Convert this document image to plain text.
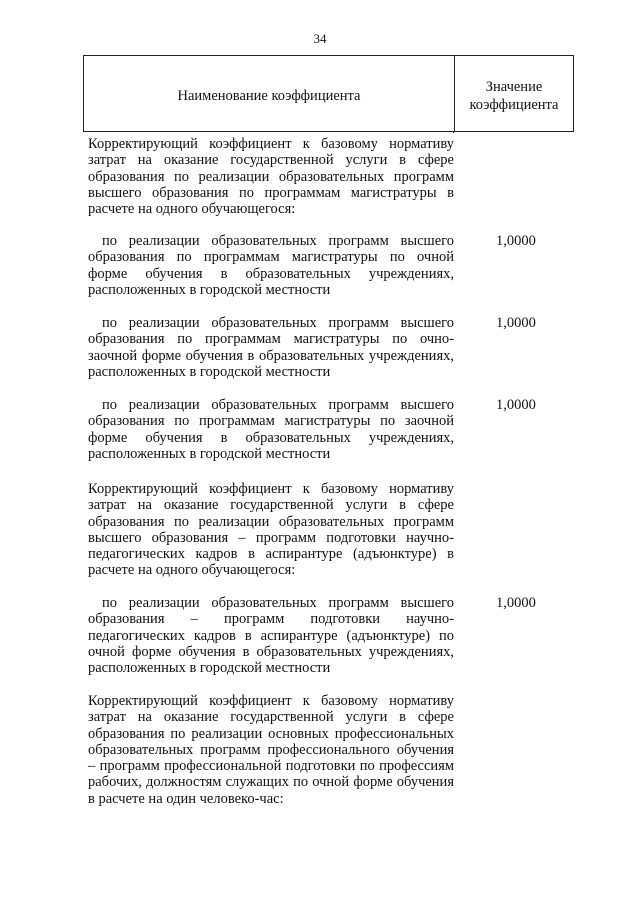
34
Наименование коэффициента
Значение
коэффициента
Корректирующий коэффициент к базовому нормативу затрат на оказание государственной услуги в сфере образования по реализации образовательных программ высшего образования по программам магистратуры в расчете на одного обучающегося:
по реализации образовательных программ высшего образования по программам магистратуры по очной форме обучения в образовательных учреждениях, расположенных в городской местности
1,0000
по реализации образовательных программ высшего образования по программам магистратуры по очно-заочной форме обучения в образовательных учреждениях, расположенных в городской местности
1,0000
по реализации образовательных программ высшего образования по программам магистратуры по заочной форме обучения в образовательных учреждениях, расположенных в городской местности
1,0000
Корректирующий коэффициент к базовому нормативу затрат на оказание государственной услуги в сфере образования по реализации образовательных программ высшего образования – программ подготовки научно-педагогических кадров в аспирантуре (адъюнктуре) в расчете на одного обучающегося:
по реализации образовательных программ высшего образования – программ подготовки научно-педагогических кадров в аспирантуре (адъюнктуре) по очной форме обучения в образовательных учреждениях, расположенных в городской местности
1,0000
Корректирующий коэффициент к базовому нормативу затрат на оказание государственной услуги в сфере образования по реализации основных профессиональных образовательных программ профессионального обучения – программ профессиональной подготовки по профессиям рабочих, должностям служащих по очной форме обучения в расчете на один человеко-час:
